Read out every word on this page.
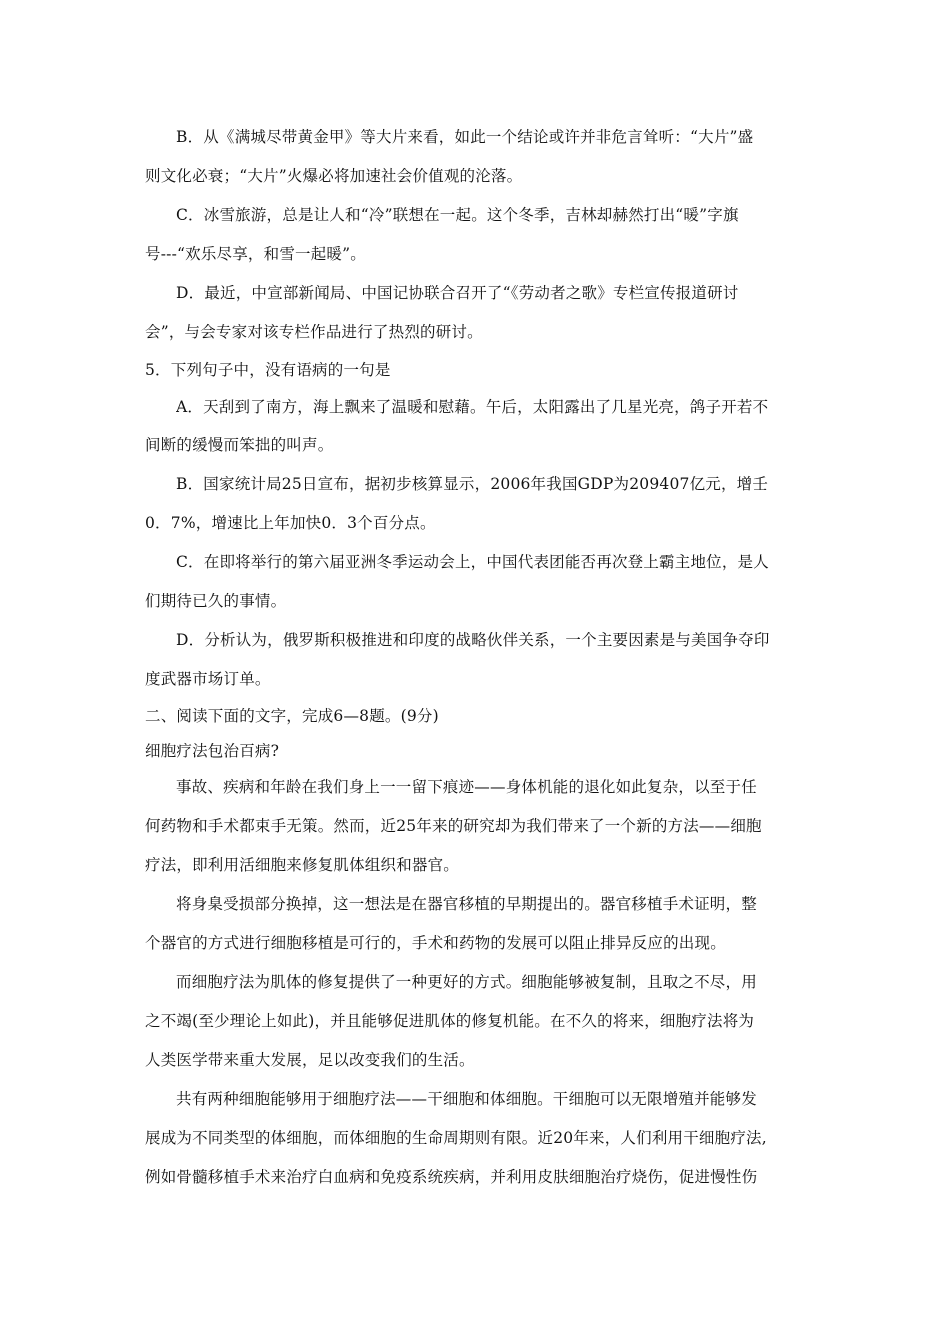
B．从《满城尽带黄金甲》等大片来看，如此一个结论或许并非危言耸听：“大片”盛
则文化必衰；“大片”火爆必将加速社会价值观的沦落。
C．冰雪旅游，总是让人和“冷”联想在一起。这个冬季，吉林却赫然打出“暖”字旗
号---“欢乐尽享，和雪一起暖”。
D．最近，中宣部新闻局、中国记协联合召开了“《劳动者之歌》专栏宣传报道研讨
会”，与会专家对该专栏作品进行了热烈的研讨。
5．下列句子中，没有语病的一句是
A．天刮到了南方，海上飘来了温暖和慰藉。午后，太阳露出了几星光亮，鸽子开若不
间断的缓慢而笨拙的叫声。
B．国家统计局25日宣布，据初步核算显示，2006年我国GDP为209407亿元，增壬
0．7%，增速比上年加快0．3个百分点。
C．在即将举行的第六届亚洲冬季运动会上，中国代表团能否再次登上霸主地位，是人
们期待已久的事情。
D．分析认为，俄罗斯积极推进和印度的战略伙伴关系，一个主要因素是与美国争夺印
度武器市场订单。
二、阅读下面的文字，完成6—8题。(9分)
细胞疗法包治百病?
事故、疾病和年龄在我们身上一一留下痕迹——身体机能的退化如此复杂，以至于任
何药物和手术都束手无策。然而，近25年来的研究却为我们带来了一个新的方法——细胞
疗法，即利用活细胞来修复肌体组织和器官。
将身臬受损部分换掉，这一想法是在器官移植的早期提出的。器官移植手术证明，整
个器官的方式进行细胞移植是可行的，手术和药物的发展可以阻止排异反应的出现。
而细胞疗法为肌体的修复提供了一种更好的方式。细胞能够被复制，且取之不尽，用
之不竭(至少理论上如此)，并且能够促进肌体的修复机能。在不久的将来，细胞疗法将为
人类医学带来重大发展，足以改变我们的生活。
共有两种细胞能够用于细胞疗法——干细胞和体细胞。干细胞可以无限增殖并能够发
展成为不同类型的体细胞，而体细胞的生命周期则有限。近20年来，人们利用干细胞疗法,
例如骨髓移植手术来治疗白血病和免疫系统疾病，并利用皮肤细胞治疗烧伤，促进慢性伤
